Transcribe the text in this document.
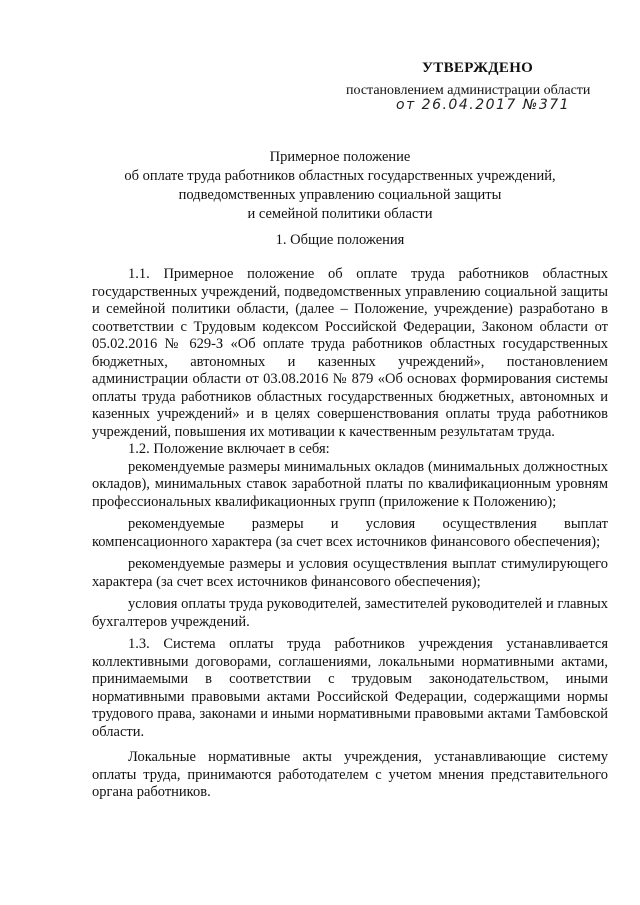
УТВЕРЖДЕНО
постановлением администрации области
от 26.04.2017 №371
Примерное положение
об оплате труда работников областных государственных учреждений,
подведомственных управлению социальной защиты
и семейной политики области
1. Общие положения

1.1. Примерное положение об оплате труда работников областных государственных учреждений, подведомственных управлению социальной защиты и семейной политики области, (далее – Положение, учреждение) разработано в соответствии с Трудовым кодексом Российской Федерации, Законом области от 05.02.2016 № 629-З «Об оплате труда работников областных государственных бюджетных, автономных и казенных учреждений», постановлением администрации области от 03.08.2016 № 879 «Об основах формирования системы оплаты труда работников областных государственных бюджетных, автономных и казенных учреждений» и в целях совершенствования оплаты труда работников учреждений, повышения их мотивации к качественным результатам труда.

1.2. Положение включает в себя:

рекомендуемые размеры минимальных окладов (минимальных должностных окладов), минимальных ставок заработной платы по квалификационным уровням профессиональных квалификационных групп (приложение к Положению);

рекомендуемые размеры и условия осуществления выплат компенсационного характера (за счет всех источников финансового обеспечения);

рекомендуемые размеры и условия осуществления выплат стимулирующего характера (за счет всех источников финансового обеспечения);

условия оплаты труда руководителей, заместителей руководителей и главных бухгалтеров учреждений.

1.3. Система оплаты труда работников учреждения устанавливается коллективными договорами, соглашениями, локальными нормативными актами, принимаемыми в соответствии с трудовым законодательством, иными нормативными правовыми актами Российской Федерации, содержащими нормы трудового права, законами и иными нормативными правовыми актами Тамбовской области.

Локальные нормативные акты учреждения, устанавливающие систему оплаты труда, принимаются работодателем с учетом мнения представительного органа работников.
